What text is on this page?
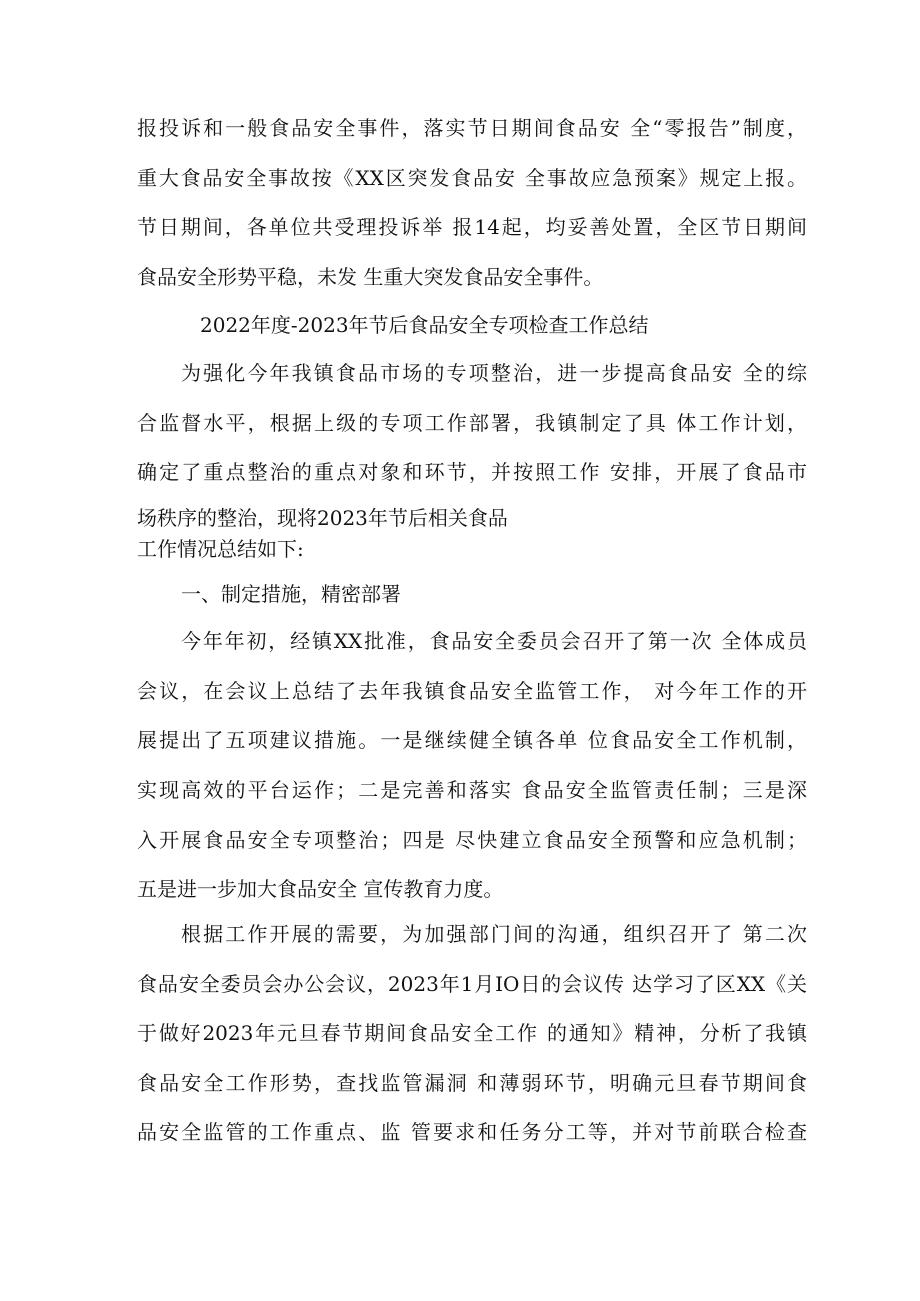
报投诉和一般食品安全事件，落实节日期间食品安 全“零报告”制度，
重大食品安全事故按《XX区突发食品安 全事故应急预案》规定上报。
节日期间，各单位共受理投诉举 报14起，均妥善处置，全区节日期间
食品安全形势平稳，未发 生重大突发食品安全事件。
2022年度-2023年节后食品安全专项检查工作总结
为强化今年我镇食品市场的专项整治，进一步提高食品安 全的综
合监督水平，根据上级的专项工作部署，我镇制定了具 体工作计划，
确定了重点整治的重点对象和环节，并按照工作 安排，开展了食品市
场秩序的整治，现将2023年节后相关食品
工作情况总结如下:
一、制定措施，精密部署
今年年初，经镇XX批准，食品安全委员会召开了第一次 全体成员
会议，在会议上总结了去年我镇食品安全监管工作， 对今年工作的开
展提出了五项建议措施。一是继续健全镇各单 位食品安全工作机制，
实现高效的平台运作；二是完善和落实 食品安全监管责任制；三是深
入开展食品安全专项整治；四是 尽快建立食品安全预警和应急机制；
五是进一步加大食品安全 宣传教育力度。
根据工作开展的需要，为加强部门间的沟通，组织召开了 第二次
食品安全委员会办公会议，2023年1月IO日的会议传 达学习了区XX《关
于做好2023年元旦春节期间食品安全工作 的通知》精神，分析了我镇
食品安全工作形势，查找监管漏洞 和薄弱环节，明确元旦春节期间食
品安全监管的工作重点、监 管要求和任务分工等，并对节前联合检查
